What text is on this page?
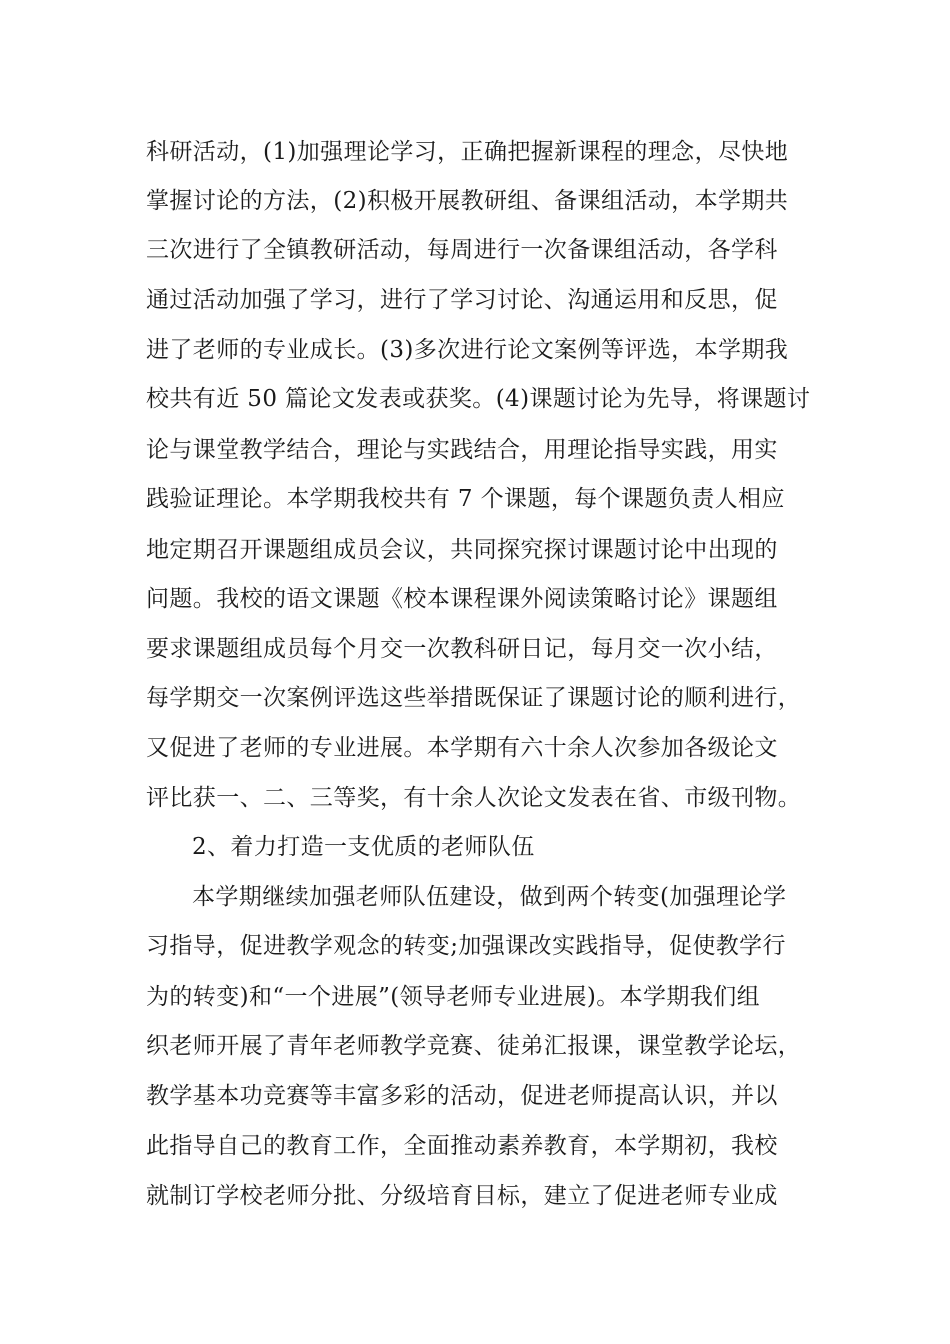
科研活动，(1)加强理论学习，正确把握新课程的理念，尽快地
掌握讨论的方法，(2)积极开展教研组、备课组活动，本学期共
三次进行了全镇教研活动，每周进行一次备课组活动，各学科
通过活动加强了学习，进行了学习讨论、沟通运用和反思，促
进了老师的专业成长。(3)多次进行论文案例等评选，本学期我
校共有近 50 篇论文发表或获奖。(4)课题讨论为先导，将课题讨
论与课堂教学结合，理论与实践结合，用理论指导实践，用实
践验证理论。本学期我校共有 7 个课题，每个课题负责人相应
地定期召开课题组成员会议，共同探究探讨课题讨论中出现的
问题。我校的语文课题《校本课程课外阅读策略讨论》课题组
要求课题组成员每个月交一次教科研日记，每月交一次小结，
每学期交一次案例评选这些举措既保证了课题讨论的顺利进行，
又促进了老师的专业进展。本学期有六十余人次参加各级论文
评比获一、二、三等奖，有十余人次论文发表在省、市级刊物。
2、着力打造一支优质的老师队伍
本学期继续加强老师队伍建设，做到两个转变(加强理论学
习指导，促进教学观念的转变;加强课改实践指导，促使教学行
为的转变)和“一个进展”(领导老师专业进展)。本学期我们组
织老师开展了青年老师教学竞赛、徒弟汇报课，课堂教学论坛，
教学基本功竞赛等丰富多彩的活动，促进老师提高认识，并以
此指导自己的教育工作，全面推动素养教育，本学期初，我校
就制订学校老师分批、分级培育目标，建立了促进老师专业成
